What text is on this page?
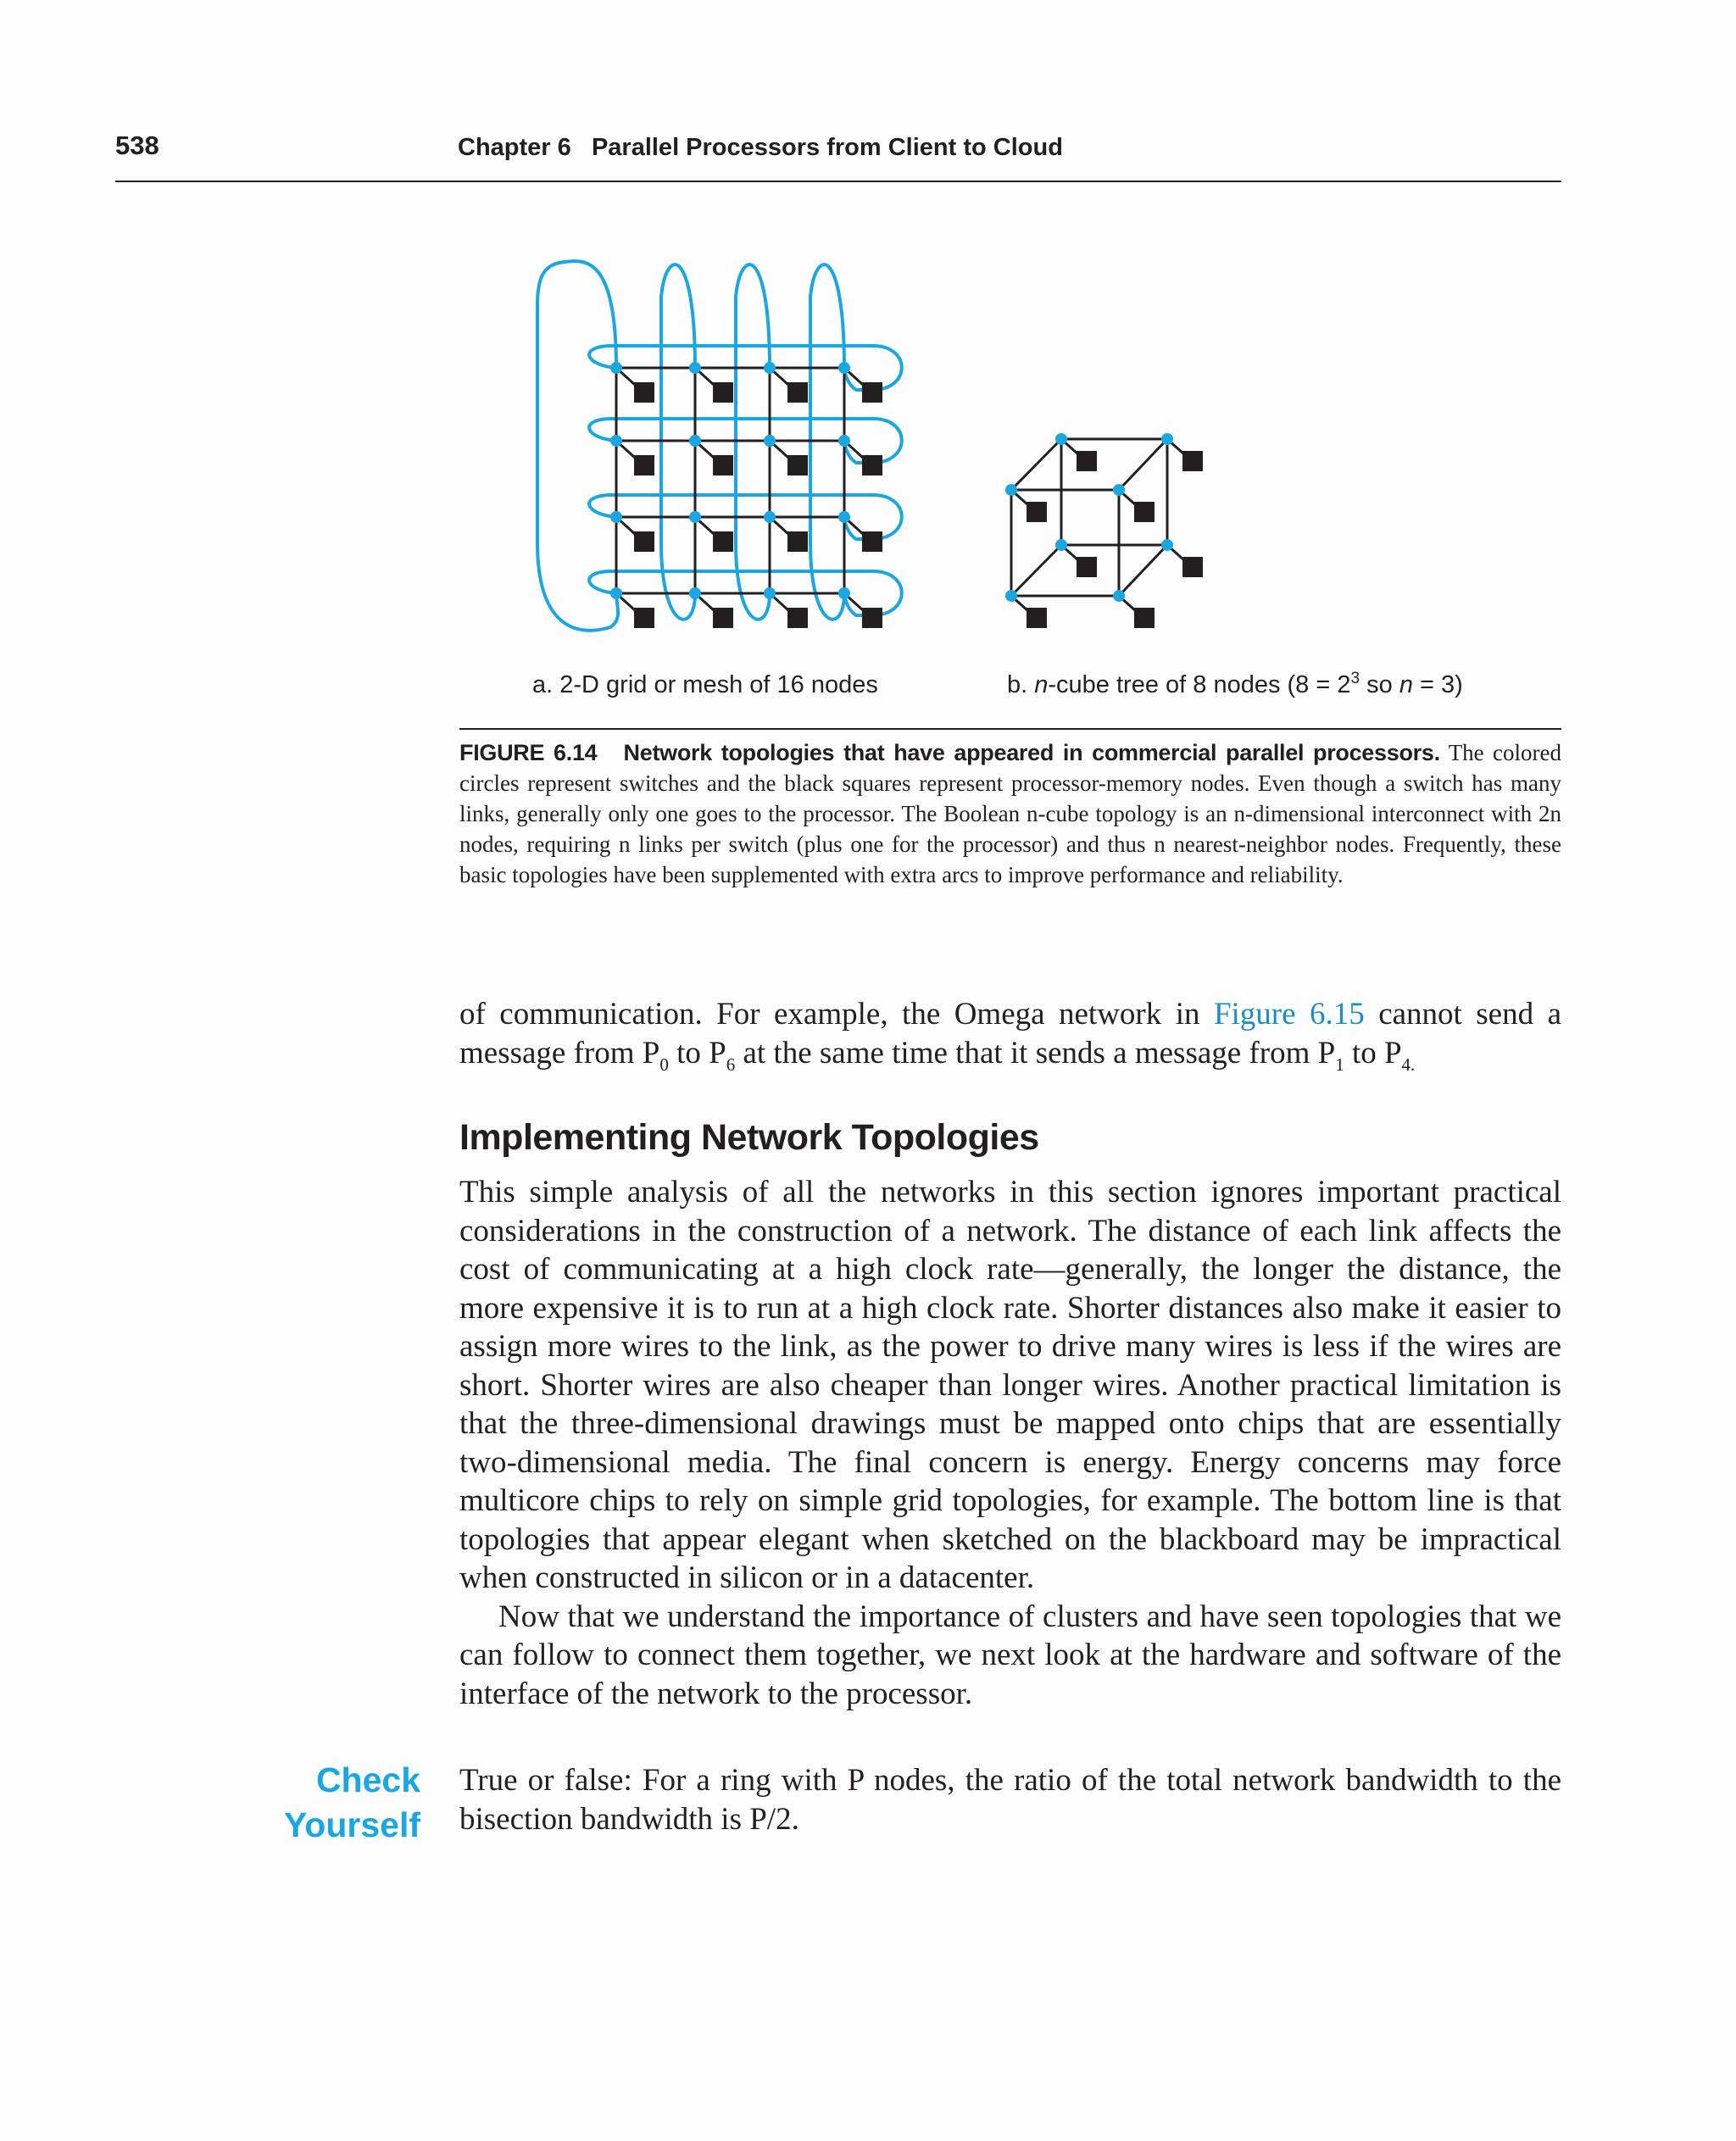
538	Chapter 6 Parallel Processors from Client to Cloud
a. 2-D grid or mesh of 16 nodes	b. n-cube tree of 8 nodes ($8 = 2^3$ so n = 3)
FIGURE 6.14 Network topologies that have appeared in commercial parallel processors. The colored circles represent switches and the black squares represent processor-memory nodes. Even though a switch has many links, generally only one goes to the processor. The Boolean n-cube topology is an n-dimensional interconnect with 2n nodes, requiring n links per switch (plus one for the processor) and thus n nearest-neighbor nodes. Frequently, these basic topologies have been supplemented with extra arcs to improve performance and reliability.

of communication. For example, the Omega network in Figure 6.15 cannot send a message from $P_0$ to $P_6$ at the same time that it sends a message from $P_1$ to $P_{4.}$

Implementing Network Topologies

This simple analysis of all the networks in this section ignores important practical considerations in the construction of a network. The distance of each link affects the cost of communicating at a high clock rate—generally, the longer the distance, the more expensive it is to run at a high clock rate. Shorter distances also make it easier to assign more wires to the link, as the power to drive many wires is less if the wires are short. Shorter wires are also cheaper than longer wires. Another practical limitation is that the three-dimensional drawings must be mapped onto chips that are essentially two-dimensional media. The final concern is energy. Energy concerns may force multicore chips to rely on simple grid topologies, for example. The bottom line is that topologies that appear elegant when sketched on the blackboard may be impractical when constructed in silicon or in a datacenter.

Now that we understand the importance of clusters and have seen topologies that we can follow to connect them together, we next look at the hardware and software of the interface of the network to the processor.

Check
Yourself

True or false: For a ring with P nodes, the ratio of the total network bandwidth to the bisection bandwidth is P/2.
